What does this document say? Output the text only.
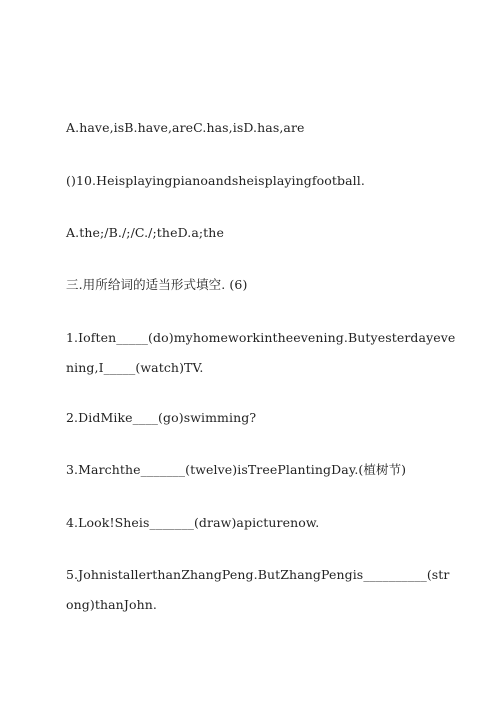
A.have,isB.have,areC.has,isD.has,are
()10.Heisplayingpianoandsheisplayingfootball.
A.the;/B./;/C./;theD.a;the
三.用所给词的适当形式填空. (6)
1.Ioften_____(do)myhomeworkintheevening.Butyesterdayevening,I_____(watch)TV.
2.DidMike____(go)swimming?
3.Marchthe_______(twelve)isTreePlantingDay.(植树节)
4.Look!Sheis_______(draw)apicturenow.
5.JohnistallerthanZhangPeng.ButZhangPengis__________(strong)thanJohn.
